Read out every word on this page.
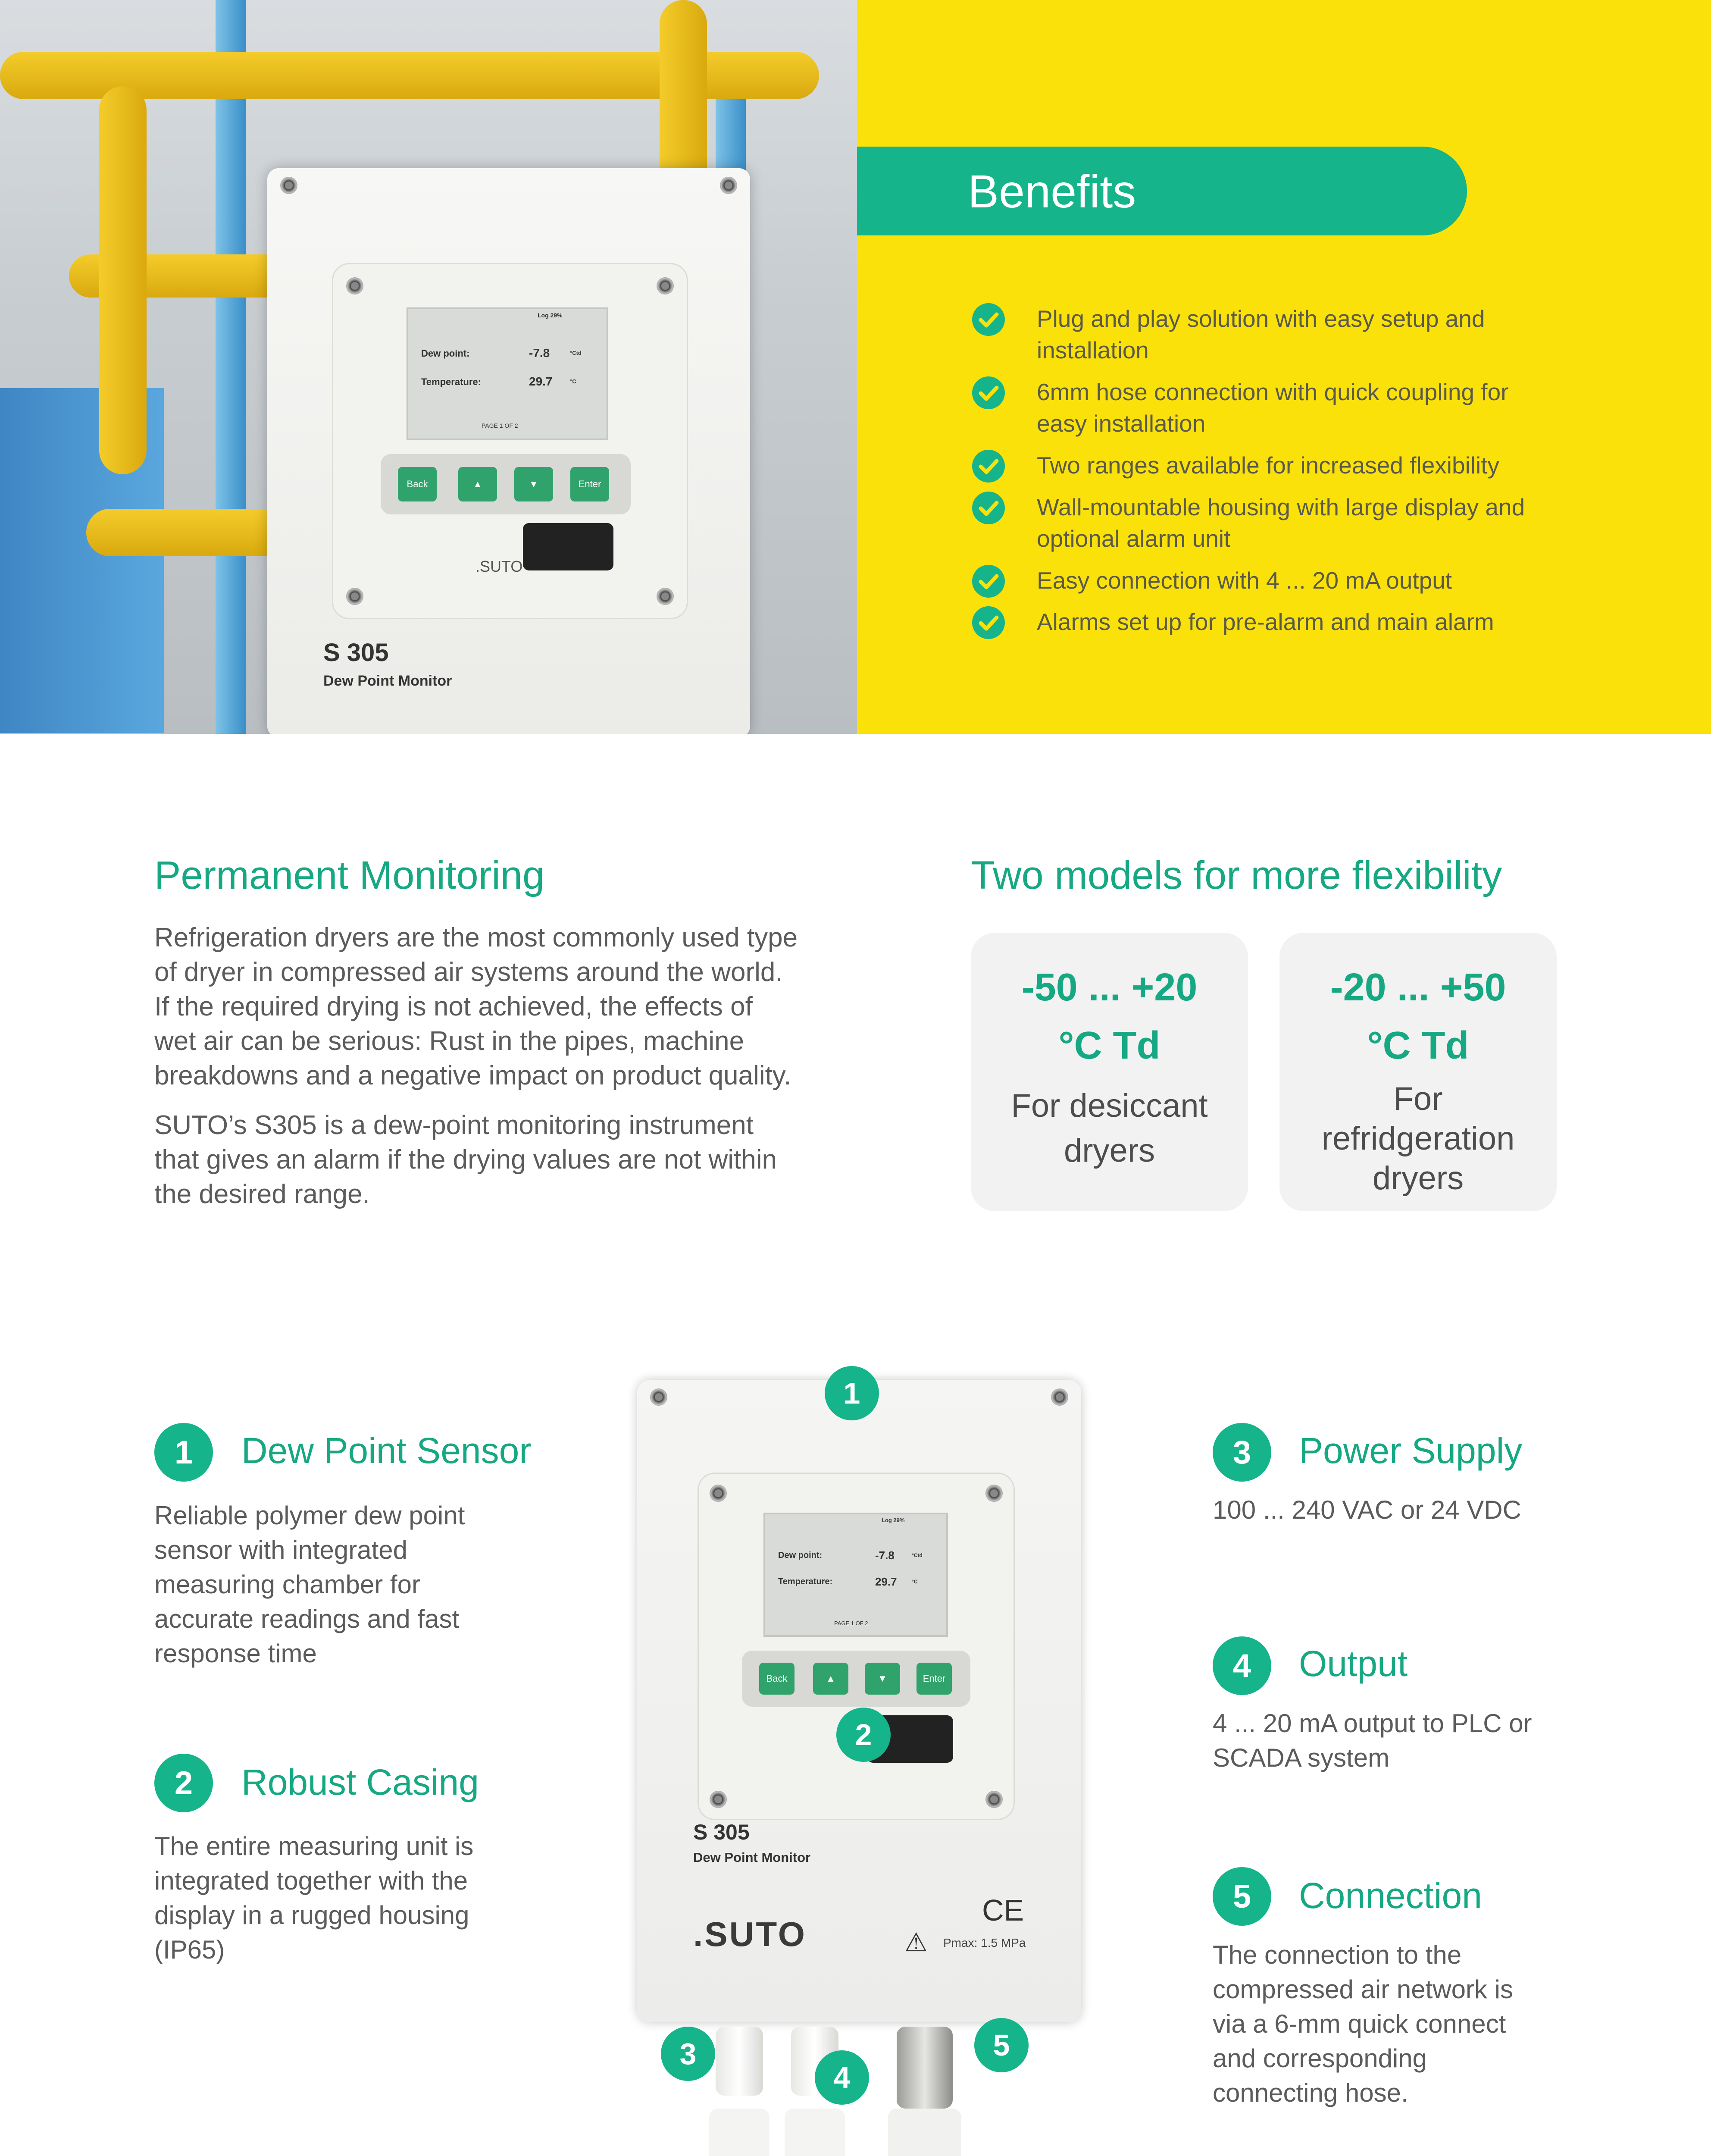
Log 29%
Dew point:	-7.8	°Ctd
Temperature:	29.7	°C
PAGE 1 OF 2
Back	▲	▼	Enter
.SUTO
S 305
Dew Point Monitor
Benefits
Plug and play solution with easy setup and installation
6mm hose connection with quick coupling for easy installation
Two ranges available for increased flexibility
Wall-mountable housing with large display and optional alarm unit
Easy connection with 4 ... 20 mA output
Alarms set up for pre-alarm and main alarm
Permanent Monitoring
Refrigeration dryers are the most commonly used type of dryer in compressed air systems around the world. If the required drying is not achieved, the effects of wet air can be serious: Rust in the pipes, machine breakdowns and a negative impact on product quality.
SUTO’s S305 is a dew-point monitoring instrument that gives an alarm if the drying values are not within the desired range.
Two models for more flexibility
-50 ... +20
°C Td
For desiccant dryers
-20 ... +50
°C Td
For refridgeration dryers
1	Dew Point Sensor
Reliable polymer dew point sensor with integrated measuring chamber for accurate readings and fast response time
2	Robust Casing
The entire measuring unit is integrated together with the display in a rugged housing (IP65)
3	Power Supply
100 ... 240 VAC or 24 VDC
4	Output
4 ... 20 mA output to PLC or SCADA system
5	Connection
The connection to the compressed air network is via a 6-mm quick connect and corresponding connecting hose.
Log 29%
Dew point:	-7.8	°Ctd
Temperature:	29.7	°C
PAGE 1 OF 2
Back	▲	▼	Enter
S 305
Dew Point Monitor
.SUTO
CE
⚠ Pmax: 1.5 MPa
1
2
3
4
5
